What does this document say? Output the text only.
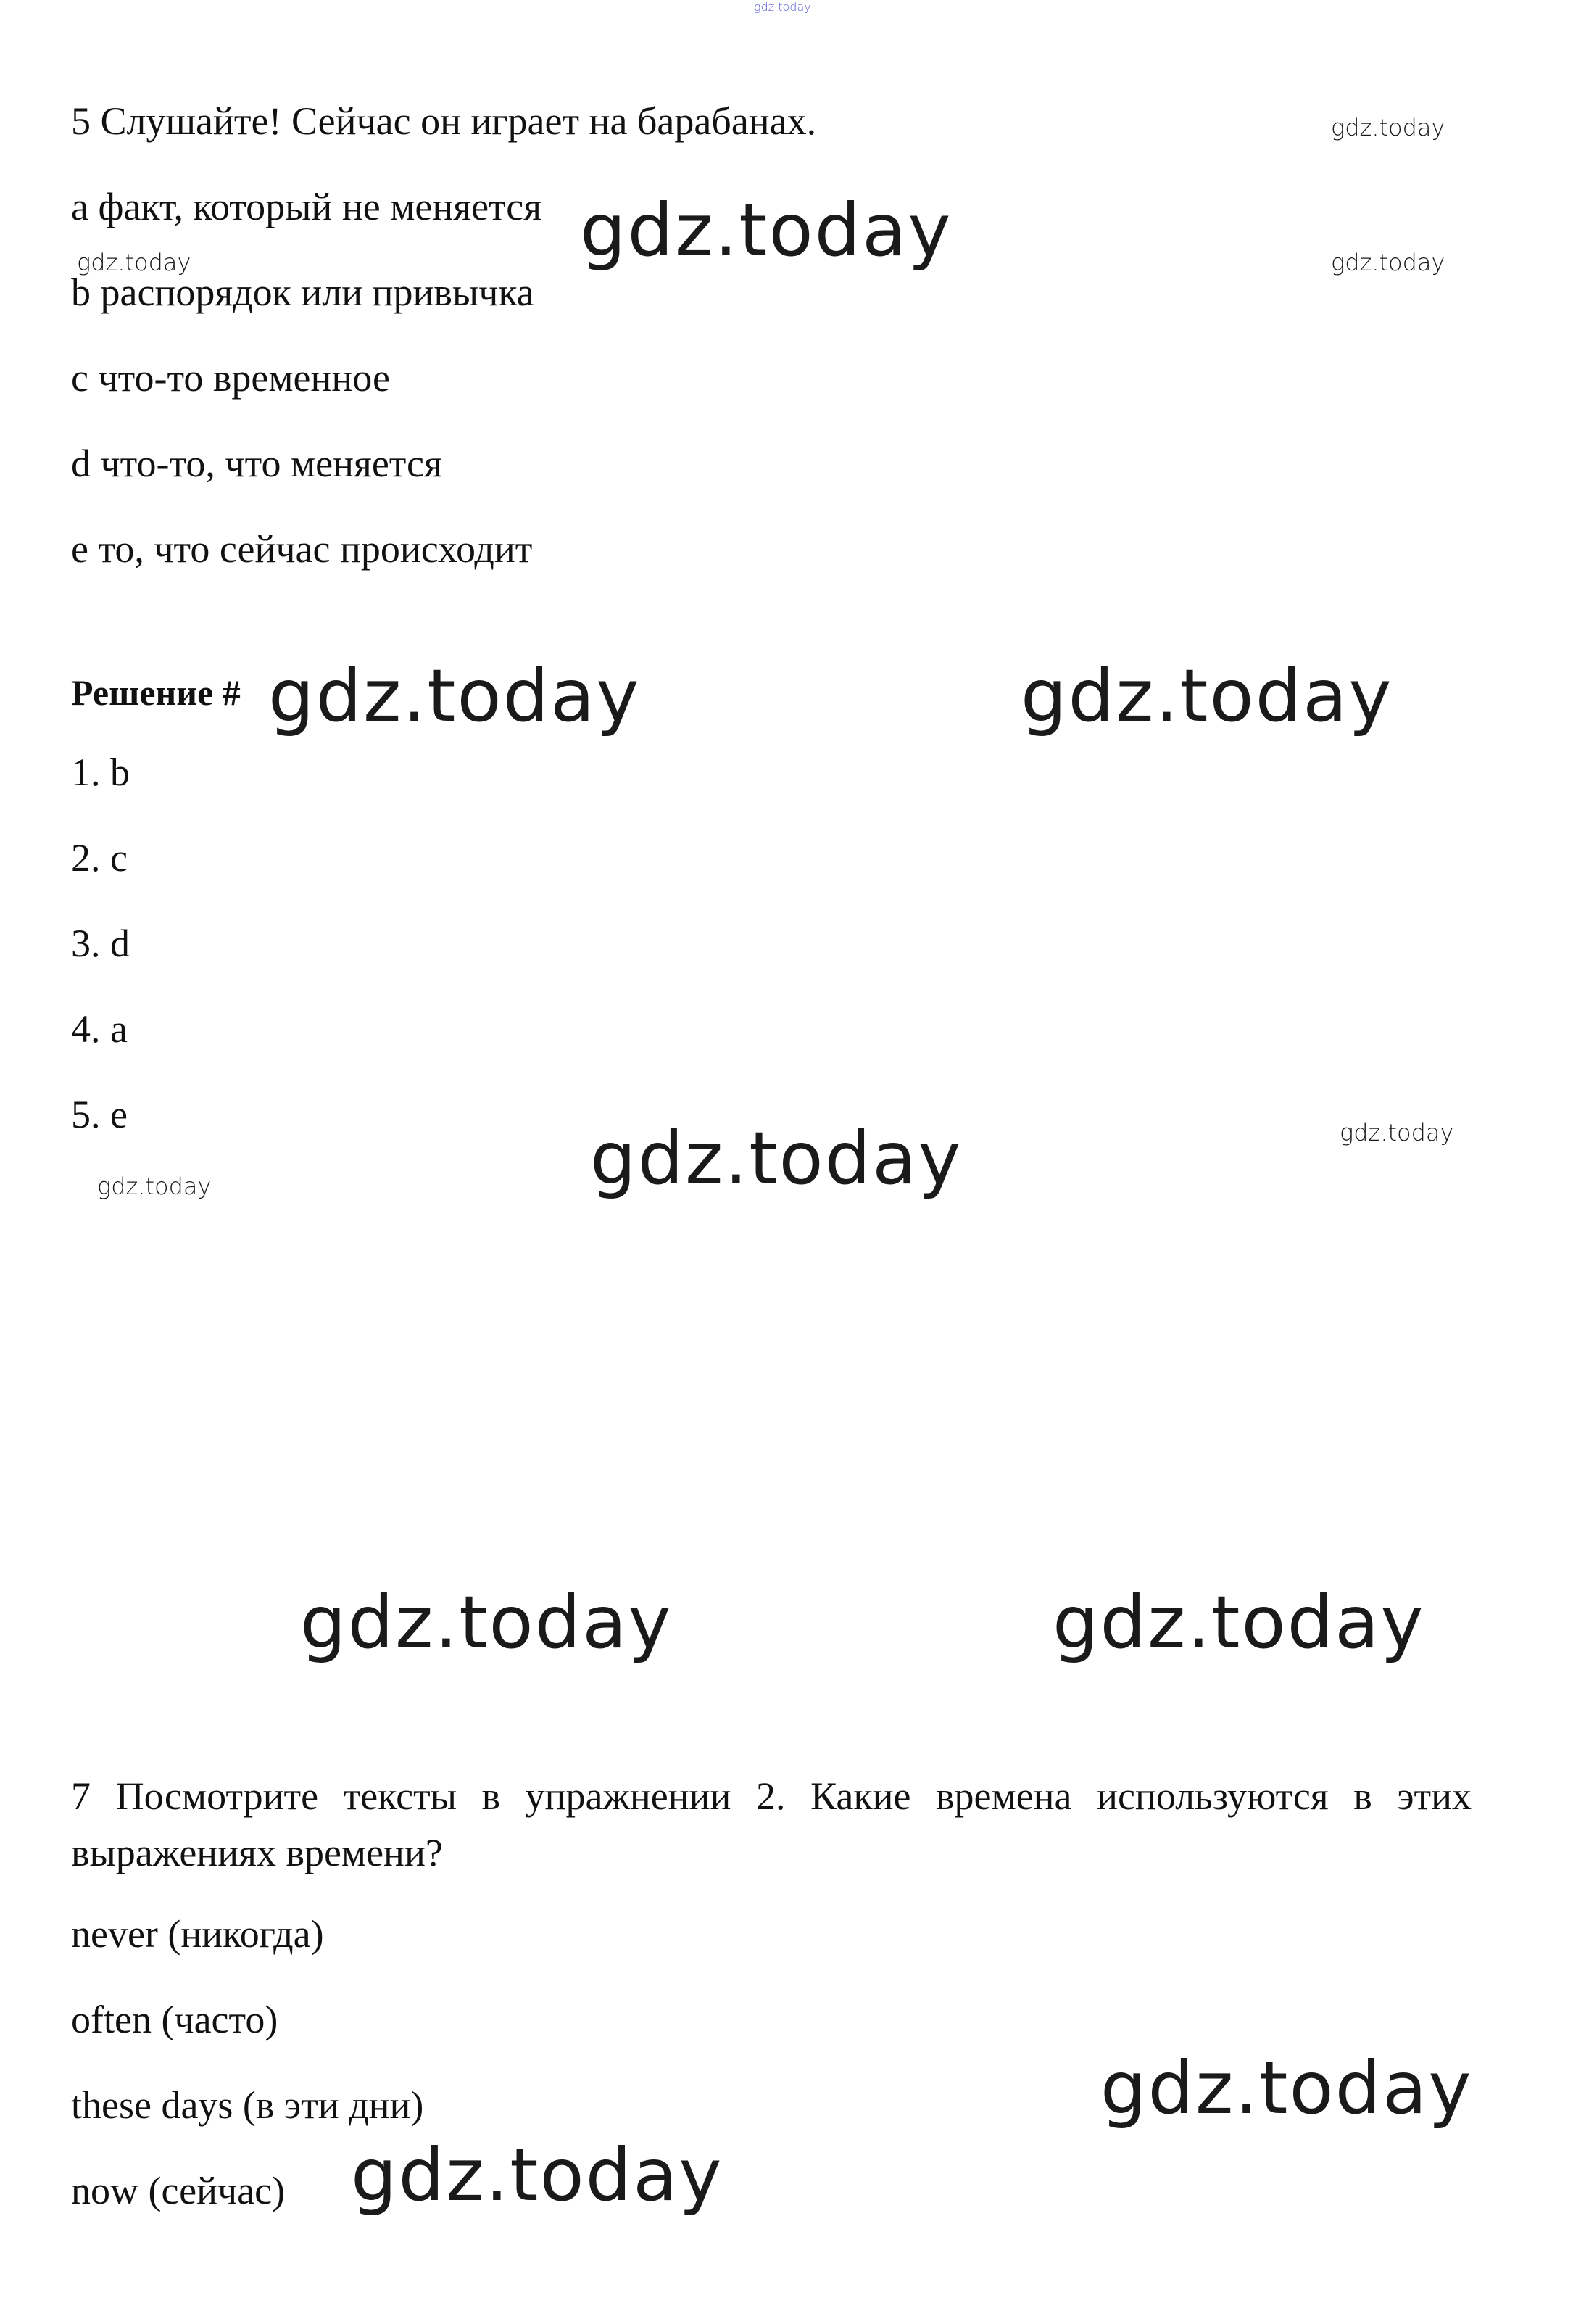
gdz.today
5 Слушайте! Сейчас он играет на барабанах.
a факт, который не меняется
b распорядок или привычка
c что-то временное
d что-то, что меняется
e то, что сейчас происходит
Решение #
1. b
2. c
3. d
4. a
5. e
7 Посмотрите тексты в упражнении 2. Какие времена используются в этих выражениях времени?
never (никогда)
often (часто)
these days (в эти дни)
now (сейчас)
gdz.today
gdz.today	gdz.today
gdz.today
gdz.today	gdz.today
gdz.today
gdz.today
gdz.today
gdz.today	gdz.today
gdz.today
gdz.today
